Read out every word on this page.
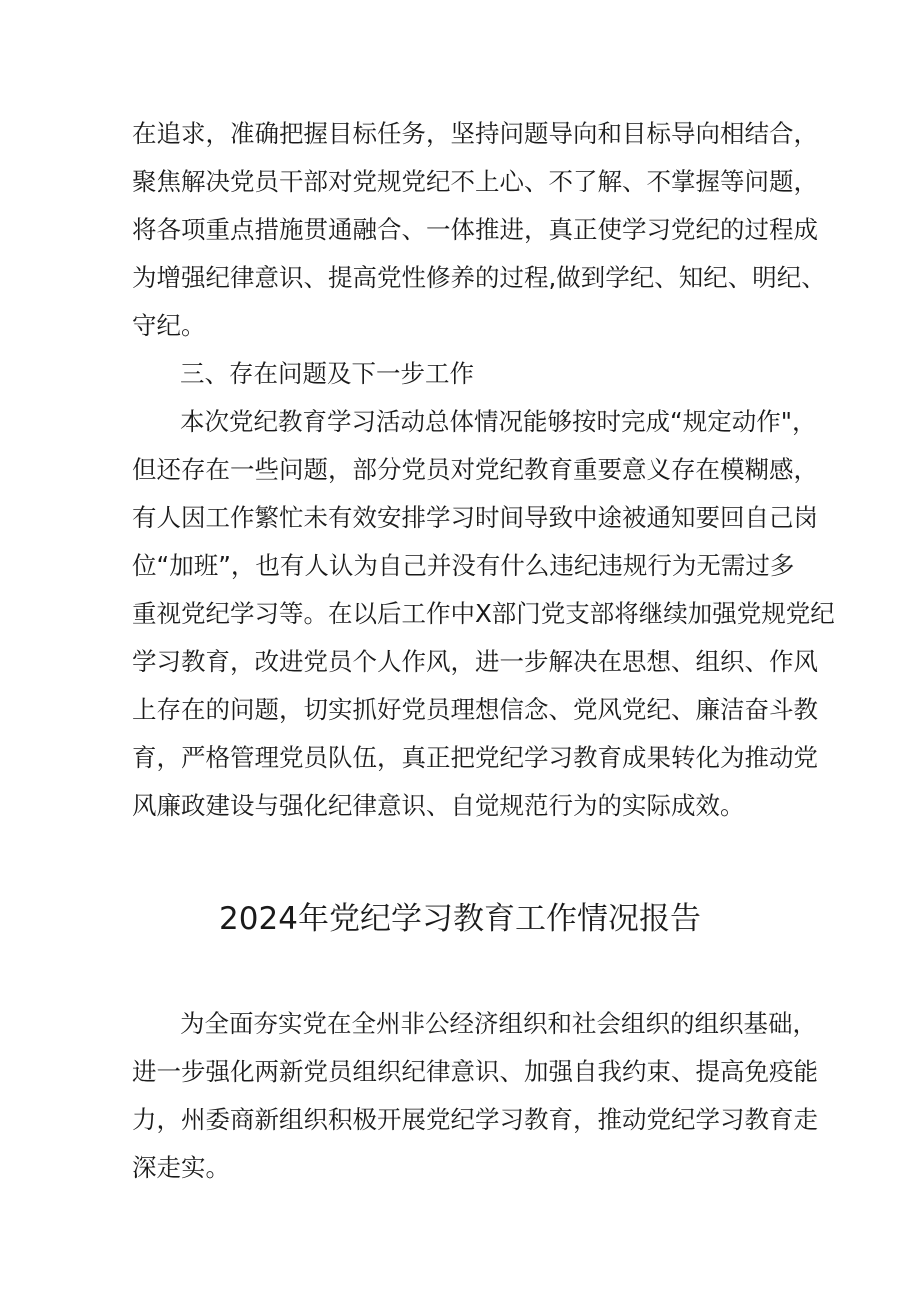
在追求，准确把握目标任务，坚持问题导向和目标导向相结合，
聚焦解决党员干部对党规党纪不上心、不了解、不掌握等问题，
将各项重点措施贯通融合、一体推进，真正使学习党纪的过程成
为增强纪律意识、提高党性修养的过程,做到学纪、知纪、明纪、
守纪。
三、存在问题及下一步工作
本次党纪教育学习活动总体情况能够按时完成“规定动作"，
但还存在一些问题，部分党员对党纪教育重要意义存在模糊感，
有人因工作繁忙未有效安排学习时间导致中途被通知要回自己岗
位“加班”，也有人认为自己并没有什么违纪违规行为无需过多
重视党纪学习等。在以后工作中X部门党支部将继续加强党规党纪
学习教育，改进党员个人作风，进一步解决在思想、组织、作风
上存在的问题，切实抓好党员理想信念、党风党纪、廉洁奋斗教
育，严格管理党员队伍，真正把党纪学习教育成果转化为推动党
风廉政建设与强化纪律意识、自觉规范行为的实际成效。
2024年党纪学习教育工作情况报告
为全面夯实党在全州非公经济组织和社会组织的组织基础，
进一步强化两新党员组织纪律意识、加强自我约束、提高免疫能
力，州委商新组织积极开展党纪学习教育，推动党纪学习教育走
深走实。
